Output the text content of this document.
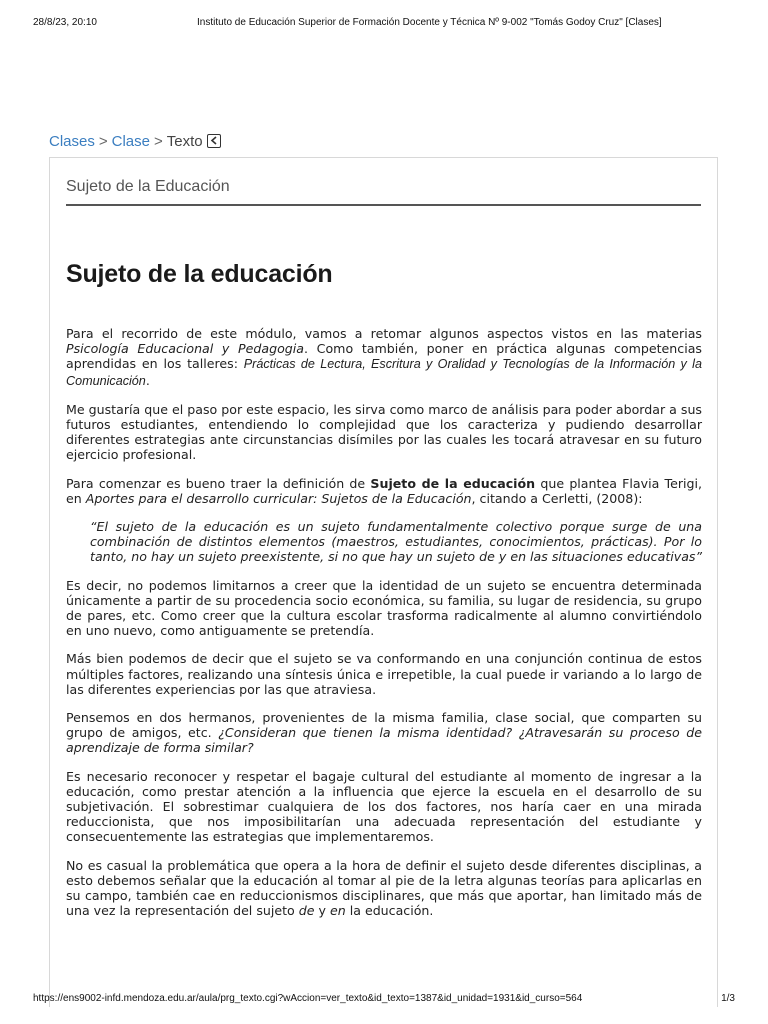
28/8/23, 20:10	Instituto de Educación Superior de Formación Docente y Técnica Nº 9-002 "Tomás Godoy Cruz" [Clases]
Clases > Clase > Texto
Sujeto de la Educación
Sujeto de la educación

Para el recorrido de este módulo, vamos a retomar algunos aspectos vistos en las materias Psicología Educacional y Pedagogia. Como también, poner en práctica algunas competencias aprendidas en los talleres: Prácticas de Lectura, Escritura y Oralidad y Tecnologías de la Información y la Comunicación.

Me gustaría que el paso por este espacio, les sirva como marco de análisis para poder abordar a sus futuros estudiantes, entendiendo lo complejidad que los caracteriza y pudiendo desarrollar diferentes estrategias ante circunstancias disímiles por las cuales les tocará atravesar en su futuro ejercicio profesional.

Para comenzar es bueno traer la definición de Sujeto de la educación que plantea Flavia Terigi, en Aportes para el desarrollo curricular: Sujetos de la Educación, citando a Cerletti, (2008):

“El sujeto de la educación es un sujeto fundamentalmente colectivo porque surge de una combinación de distintos elementos (maestros, estudiantes, conocimientos, prácticas). Por lo tanto, no hay un sujeto preexistente, si no que hay un sujeto de y en las situaciones educativas”

Es decir, no podemos limitarnos a creer que la identidad de un sujeto se encuentra determinada únicamente a partir de su procedencia socio económica, su familia, su lugar de residencia, su grupo de pares, etc. Como creer que la cultura escolar trasforma radicalmente al alumno convirtiéndolo en uno nuevo, como antiguamente se pretendía.

Más bien podemos de decir que el sujeto se va conformando en una conjunción continua de estos múltiples factores, realizando una síntesis única e irrepetible, la cual puede ir variando a lo largo de las diferentes experiencias por las que atraviesa.

Pensemos en dos hermanos, provenientes de la misma familia, clase social, que comparten su grupo de amigos, etc. ¿Consideran que tienen la misma identidad? ¿Atravesarán su proceso de aprendizaje de forma similar?

Es necesario reconocer y respetar el bagaje cultural del estudiante al momento de ingresar a la educación, como prestar atención a la influencia que ejerce la escuela en el desarrollo de su subjetivación. El sobrestimar cualquiera de los dos factores, nos haría caer en una mirada reduccionista, que nos imposibilitarían una adecuada representación del estudiante y consecuentemente las estrategias que implementaremos.

No es casual la problemática que opera a la hora de definir el sujeto desde diferentes disciplinas, a esto debemos señalar que la educación al tomar al pie de la letra algunas teorías para aplicarlas en su campo, también cae en reduccionismos disciplinares, que más que aportar, han limitado más de una vez la representación del sujeto de y en la educación.

https://ens9002-infd.mendoza.edu.ar/aula/prg_texto.cgi?wAccion=ver_texto&id_texto=1387&id_unidad=1931&id_curso=564	1/3
